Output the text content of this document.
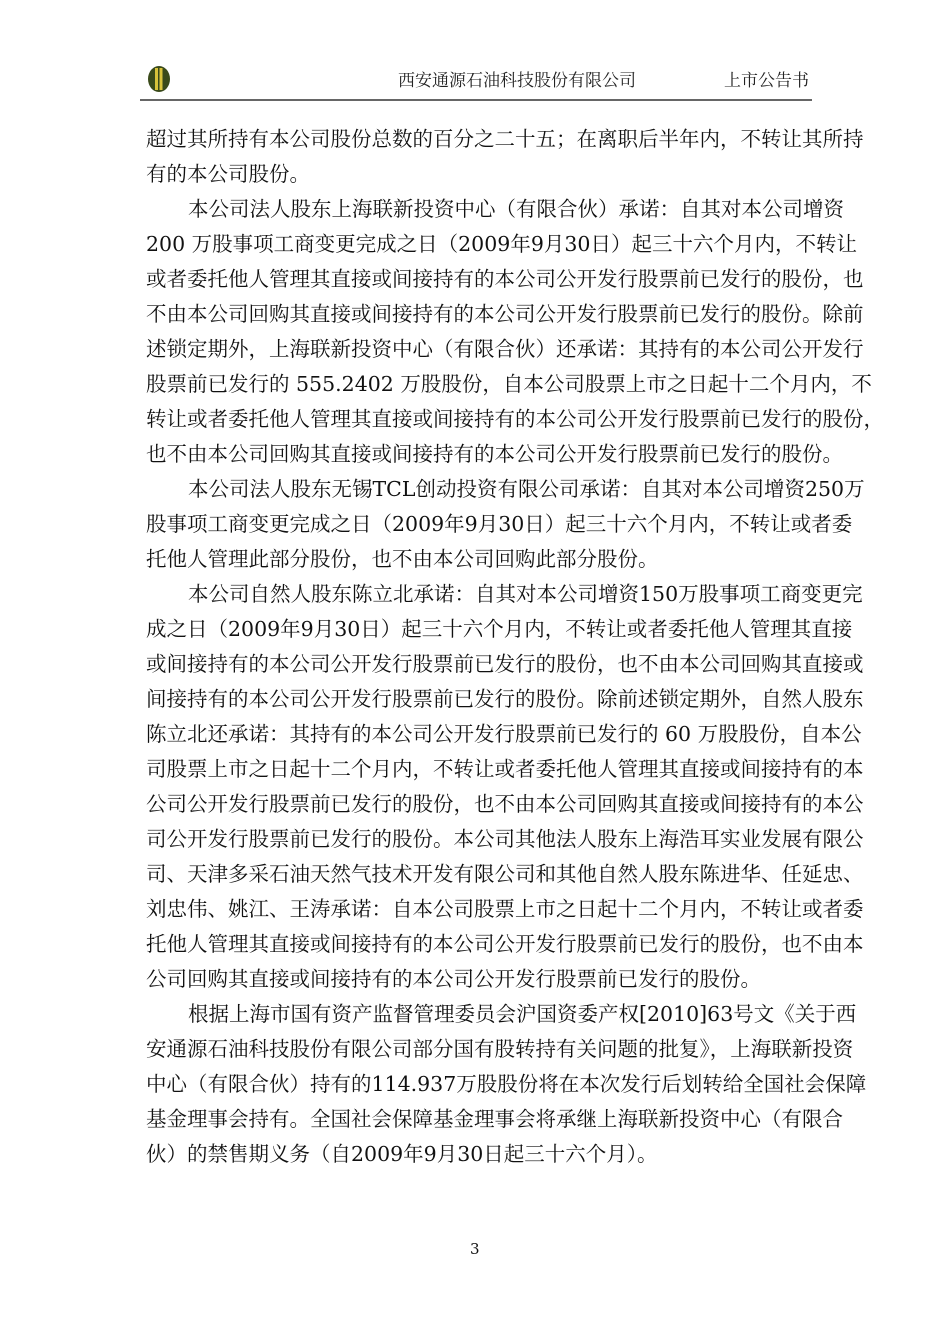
西安通源石油科技股份有限公司	上市公告书
超过其所持有本公司股份总数的百分之二十五；在离职后半年内，不转让其所持
有的本公司股份。
本公司法人股东上海联新投资中心（有限合伙）承诺：自其对本公司增资
200 万股事项工商变更完成之日（2009年9月30日）起三十六个月内，不转让
或者委托他人管理其直接或间接持有的本公司公开发行股票前已发行的股份，也
不由本公司回购其直接或间接持有的本公司公开发行股票前已发行的股份。除前
述锁定期外，上海联新投资中心（有限合伙）还承诺：其持有的本公司公开发行
股票前已发行的 555.2402 万股股份，自本公司股票上市之日起十二个月内，不
转让或者委托他人管理其直接或间接持有的本公司公开发行股票前已发行的股份，
也不由本公司回购其直接或间接持有的本公司公开发行股票前已发行的股份。
本公司法人股东无锡TCL创动投资有限公司承诺：自其对本公司增资250万
股事项工商变更完成之日（2009年9月30日）起三十六个月内，不转让或者委
托他人管理此部分股份，也不由本公司回购此部分股份。
本公司自然人股东陈立北承诺：自其对本公司增资150万股事项工商变更完
成之日（2009年9月30日）起三十六个月内，不转让或者委托他人管理其直接
或间接持有的本公司公开发行股票前已发行的股份，也不由本公司回购其直接或
间接持有的本公司公开发行股票前已发行的股份。除前述锁定期外，自然人股东
陈立北还承诺：其持有的本公司公开发行股票前已发行的 60 万股股份，自本公
司股票上市之日起十二个月内，不转让或者委托他人管理其直接或间接持有的本
公司公开发行股票前已发行的股份，也不由本公司回购其直接或间接持有的本公
司公开发行股票前已发行的股份。本公司其他法人股东上海浩耳实业发展有限公
司、天津多采石油天然气技术开发有限公司和其他自然人股东陈进华、任延忠、
刘忠伟、姚江、王涛承诺：自本公司股票上市之日起十二个月内，不转让或者委
托他人管理其直接或间接持有的本公司公开发行股票前已发行的股份，也不由本
公司回购其直接或间接持有的本公司公开发行股票前已发行的股份。
根据上海市国有资产监督管理委员会沪国资委产权[2010]63号文《关于西
安通源石油科技股份有限公司部分国有股转持有关问题的批复》，上海联新投资
中心（有限合伙）持有的114.937万股股份将在本次发行后划转给全国社会保障
基金理事会持有。全国社会保障基金理事会将承继上海联新投资中心（有限合
伙）的禁售期义务（自2009年9月30日起三十六个月）。
3
